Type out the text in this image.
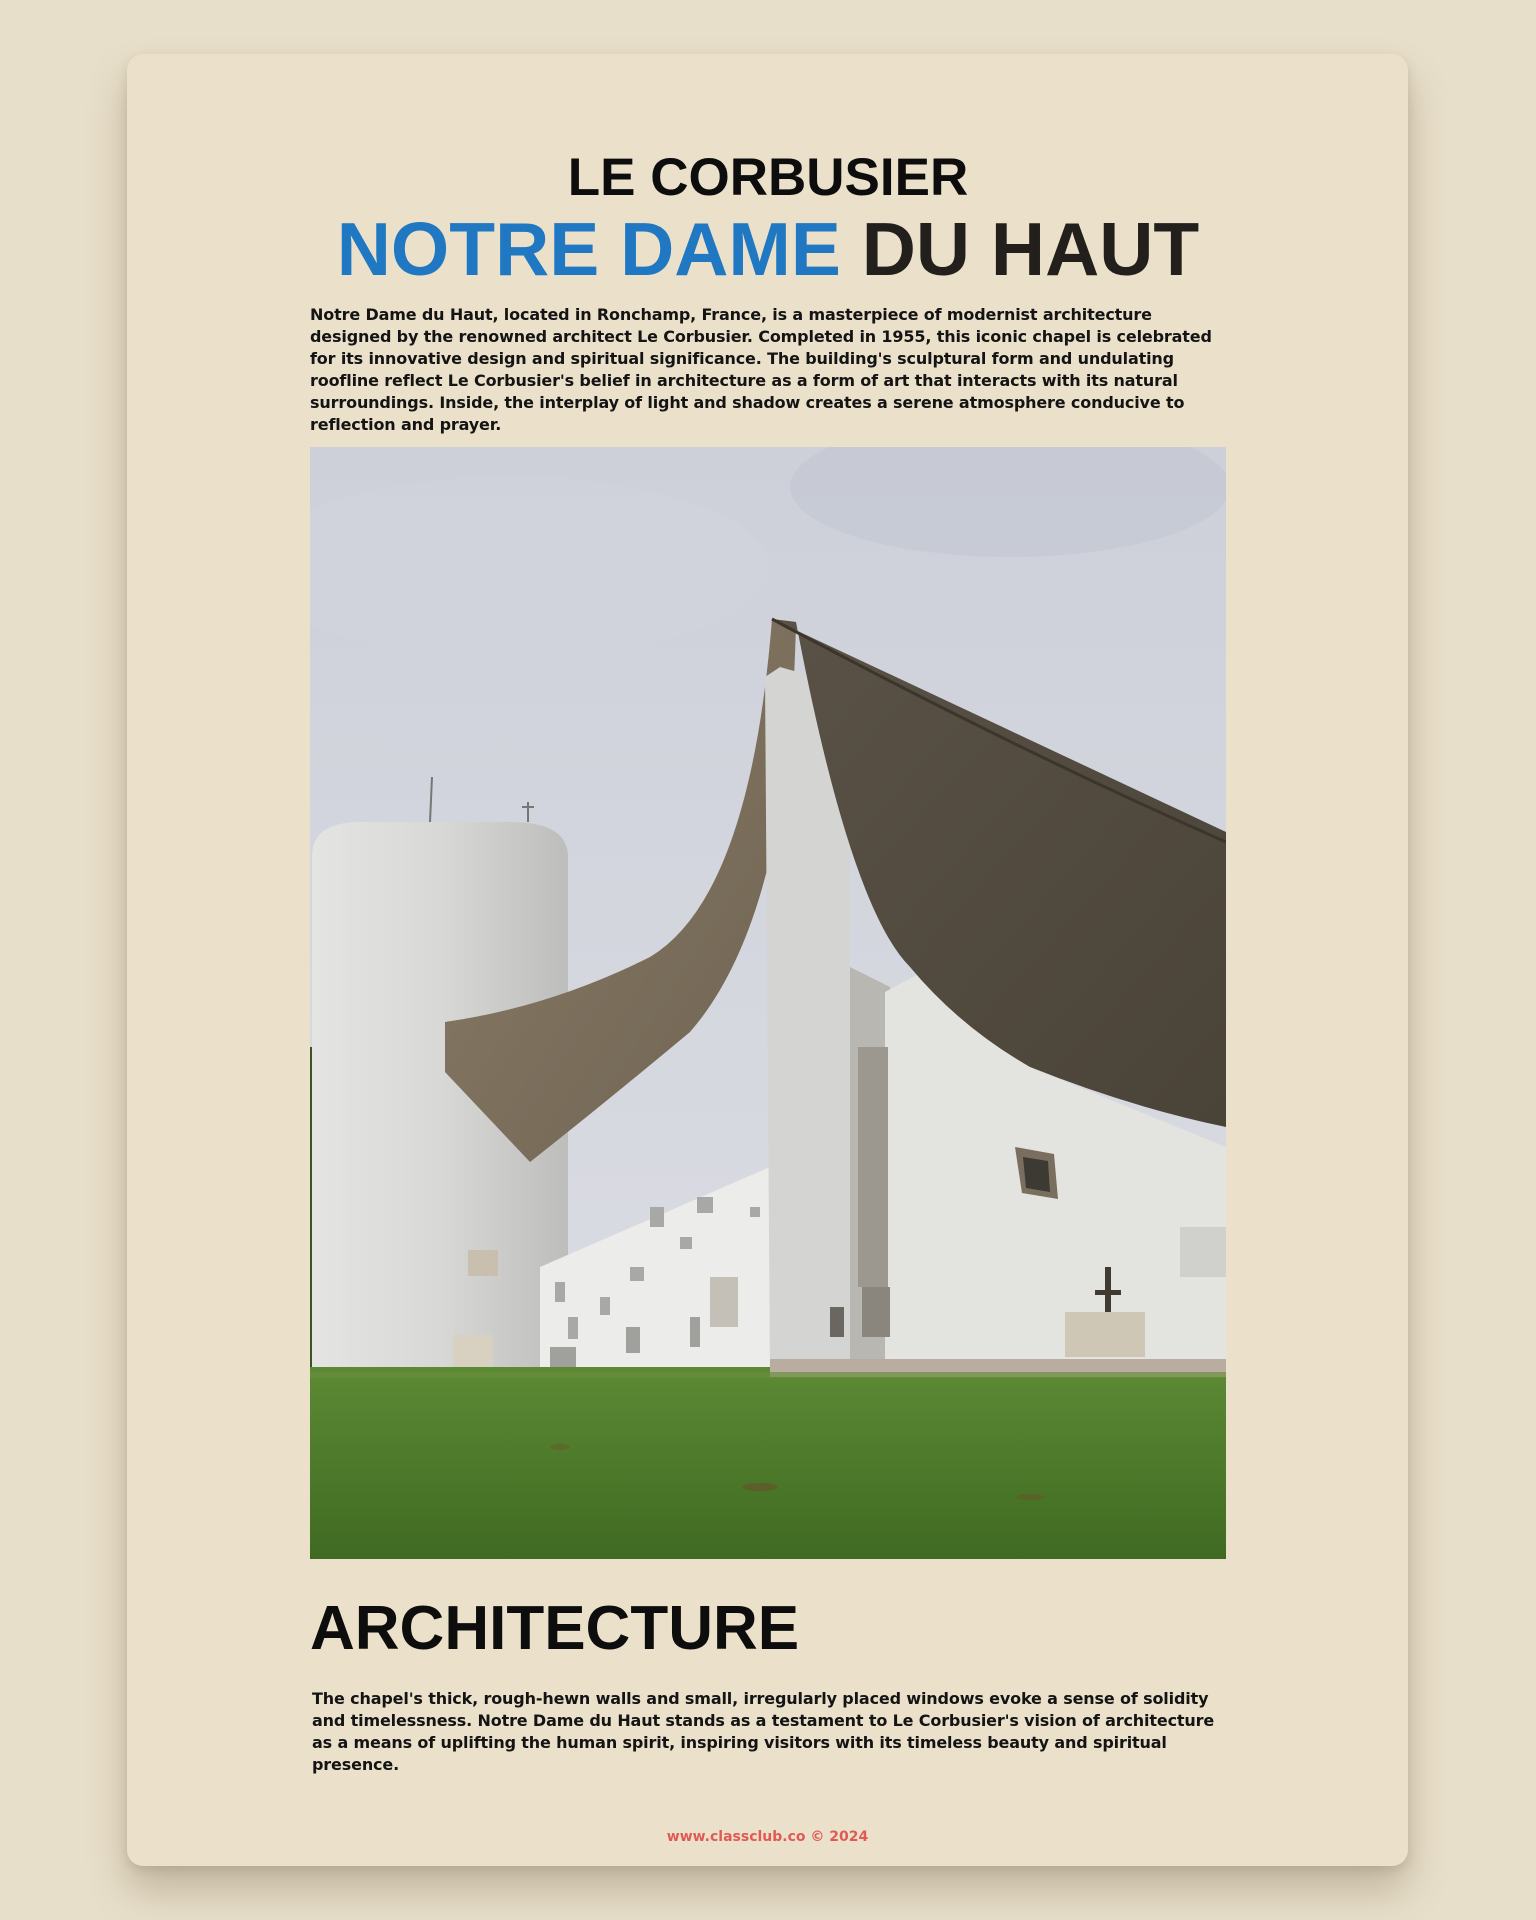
LE CORBUSIER
NOTRE DAME DU HAUT
Notre Dame du Haut, located in Ronchamp, France, is a masterpiece of modernist architecture designed by the renowned architect Le Corbusier. Completed in 1955, this iconic chapel is celebrated for its innovative design and spiritual significance. The building's sculptural form and undulating roofline reflect Le Corbusier's belief in architecture as a form of art that interacts with its natural surroundings. Inside, the interplay of light and shadow creates a serene atmosphere conducive to reflection and prayer.
ARCHITECTURE
The chapel's thick, rough-hewn walls and small, irregularly placed windows evoke a sense of solidity and timelessness. Notre Dame du Haut stands as a testament to Le Corbusier's vision of architecture as a means of uplifting the human spirit, inspiring visitors with its timeless beauty and spiritual presence.
www.classclub.co © 2024
